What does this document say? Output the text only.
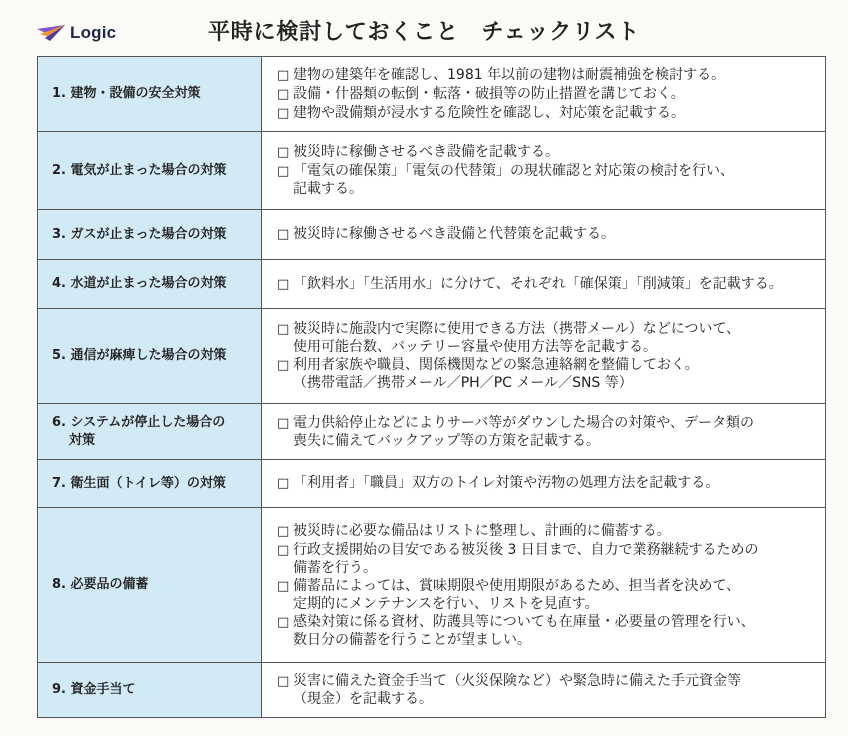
Logic	平時に検討しておくこと　チェックリスト
1. 建物・設備の安全対策
□ 建物の建築年を確認し、1981 年以前の建物は耐震補強を検討する。
□ 設備・什器類の転倒・転落・破損等の防止措置を講じておく。
□ 建物や設備類が浸水する危険性を確認し、対応策を記載する。
2. 電気が止まった場合の対策
□ 被災時に稼働させるべき設備を記載する。
□ 「電気の確保策」「電気の代替策」の現状確認と対応策の検討を行い、
記載する。
3. ガスが止まった場合の対策	□ 被災時に稼働させるべき設備と代替策を記載する。
4. 水道が止まった場合の対策	□ 「飲料水」「生活用水」に分けて、それぞれ「確保策」「削減策」を記載する。
5. 通信が麻痺した場合の対策
□ 被災時に施設内で実際に使用できる方法（携帯メール）などについて、
使用可能台数、バッテリー容量や使用方法等を記載する。
□ 利用者家族や職員、関係機関などの緊急連絡網を整備しておく。
（携帯電話／携帯メール／PH／PC メール／SNS 等）
6. システムが停止した場合の
対策
□ 電力供給停止などによりサーバ等がダウンした場合の対策や、データ類の
喪失に備えてバックアップ等の方策を記載する。
7. 衛生面（トイレ等）の対策	□ 「利用者」「職員」双方のトイレ対策や汚物の処理方法を記載する。
8. 必要品の備蓄
□ 被災時に必要な備品はリストに整理し、計画的に備蓄する。
□ 行政支援開始の目安である被災後 3 日目まで、自力で業務継続するための
備蓄を行う。
□ 備蓄品によっては、賞味期限や使用期限があるため、担当者を決めて、
定期的にメンテナンスを行い、リストを見直す。
□ 感染対策に係る資材、防護具等についても在庫量・必要量の管理を行い、
数日分の備蓄を行うことが望ましい。
9. 資金手当て
□ 災害に備えた資金手当て（火災保険など）や緊急時に備えた手元資金等
（現金）を記載する。
